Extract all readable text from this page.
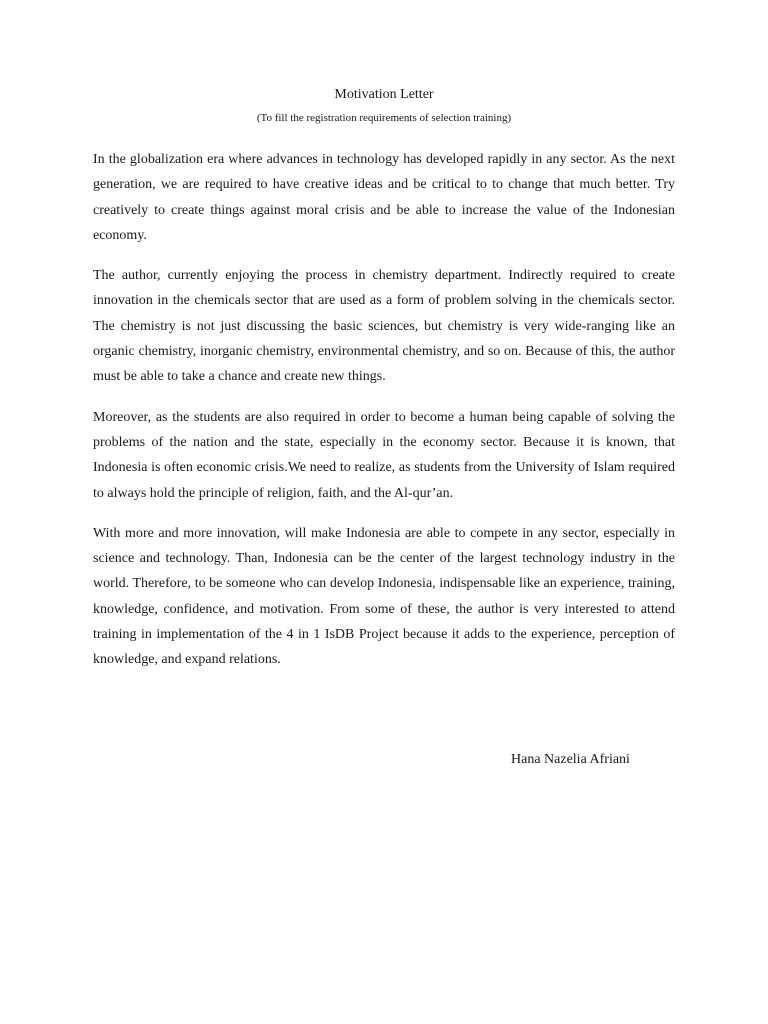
Motivation Letter
(To fill the registration requirements of selection training)

In the globalization era where advances in technology has developed rapidly in any sector. As the next generation, we are required to have creative ideas and be critical to to change that much better. Try creatively to create things against moral crisis and be able to increase the value of the Indonesian economy.

The author, currently enjoying the process in chemistry department. Indirectly required to create innovation in the chemicals sector that are used as a form of problem solving in the chemicals sector. The chemistry is not just discussing the basic sciences, but chemistry is very wide-ranging like an organic chemistry, inorganic chemistry, environmental chemistry, and so on. Because of this, the author must be able to take a chance and create new things.

Moreover, as the students are also required in order to become a human being capable of solving the problems of the nation and the state, especially in the economy sector. Because it is known, that Indonesia is often economic crisis.We need to realize, as students from the University of Islam required to always hold the principle of religion, faith, and the Al-qur’an.

With more and more innovation, will make Indonesia are able to compete in any sector, especially in science and technology. Than, Indonesia can be the center of the largest technology industry in the world. Therefore, to be someone who can develop Indonesia, indispensable like an experience, training, knowledge, confidence, and motivation. From some of these, the author is very interested to attend training in implementation of the 4 in 1 IsDB Project because it adds to the experience, perception of knowledge, and expand relations.

Hana Nazelia Afriani
